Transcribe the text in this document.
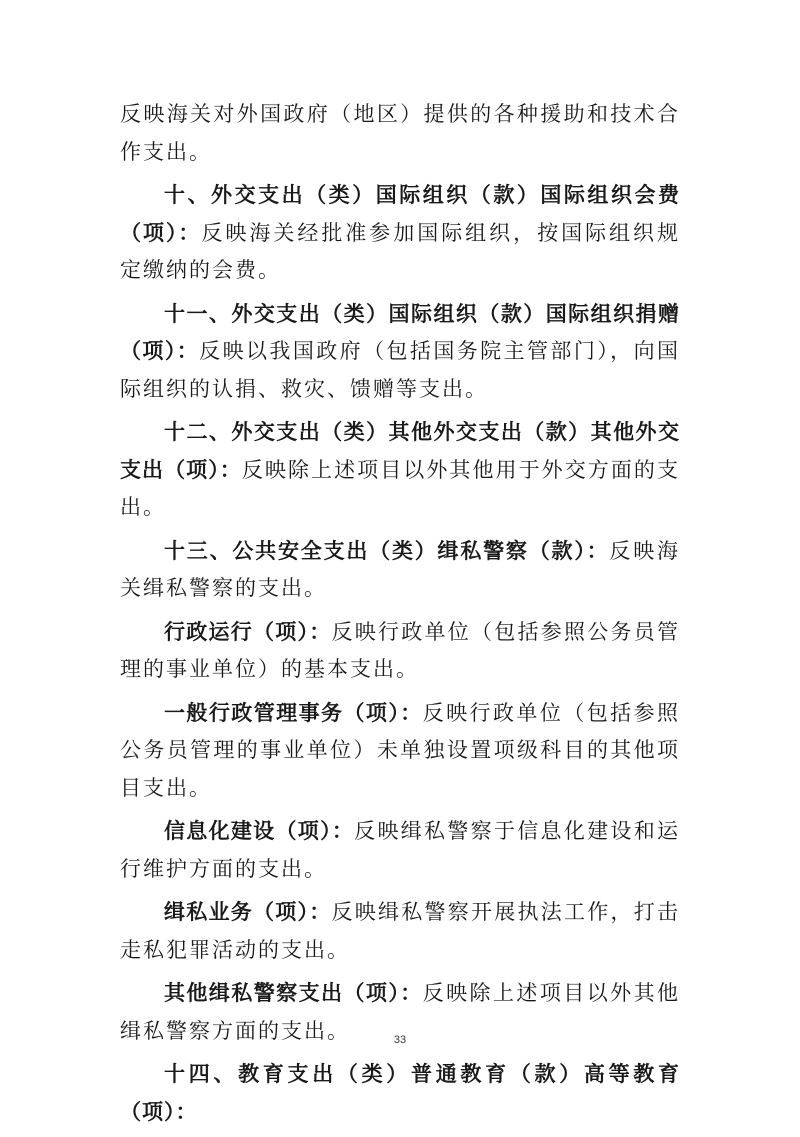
反映海关对外国政府（地区）提供的各种援助和技术合作支出。

十、外交支出（类）国际组织（款）国际组织会费（项）：反映海关经批准参加国际组织，按国际组织规定缴纳的会费。

十一、外交支出（类）国际组织（款）国际组织捐赠（项）：反映以我国政府（包括国务院主管部门），向国际组织的认捐、救灾、馈赠等支出。

十二、外交支出（类）其他外交支出（款）其他外交支出（项）：反映除上述项目以外其他用于外交方面的支出。

十三、公共安全支出（类）缉私警察（款）：反映海关缉私警察的支出。

行政运行（项）：反映行政单位（包括参照公务员管理的事业单位）的基本支出。

一般行政管理事务（项）：反映行政单位（包括参照公务员管理的事业单位）未单独设置项级科目的其他项目支出。

信息化建设（项）：反映缉私警察于信息化建设和运行维护方面的支出。

缉私业务（项）：反映缉私警察开展执法工作，打击走私犯罪活动的支出。

其他缉私警察支出（项）：反映除上述项目以外其他缉私警察方面的支出。

十四、教育支出（类）普通教育（款）高等教育（项）：

33
